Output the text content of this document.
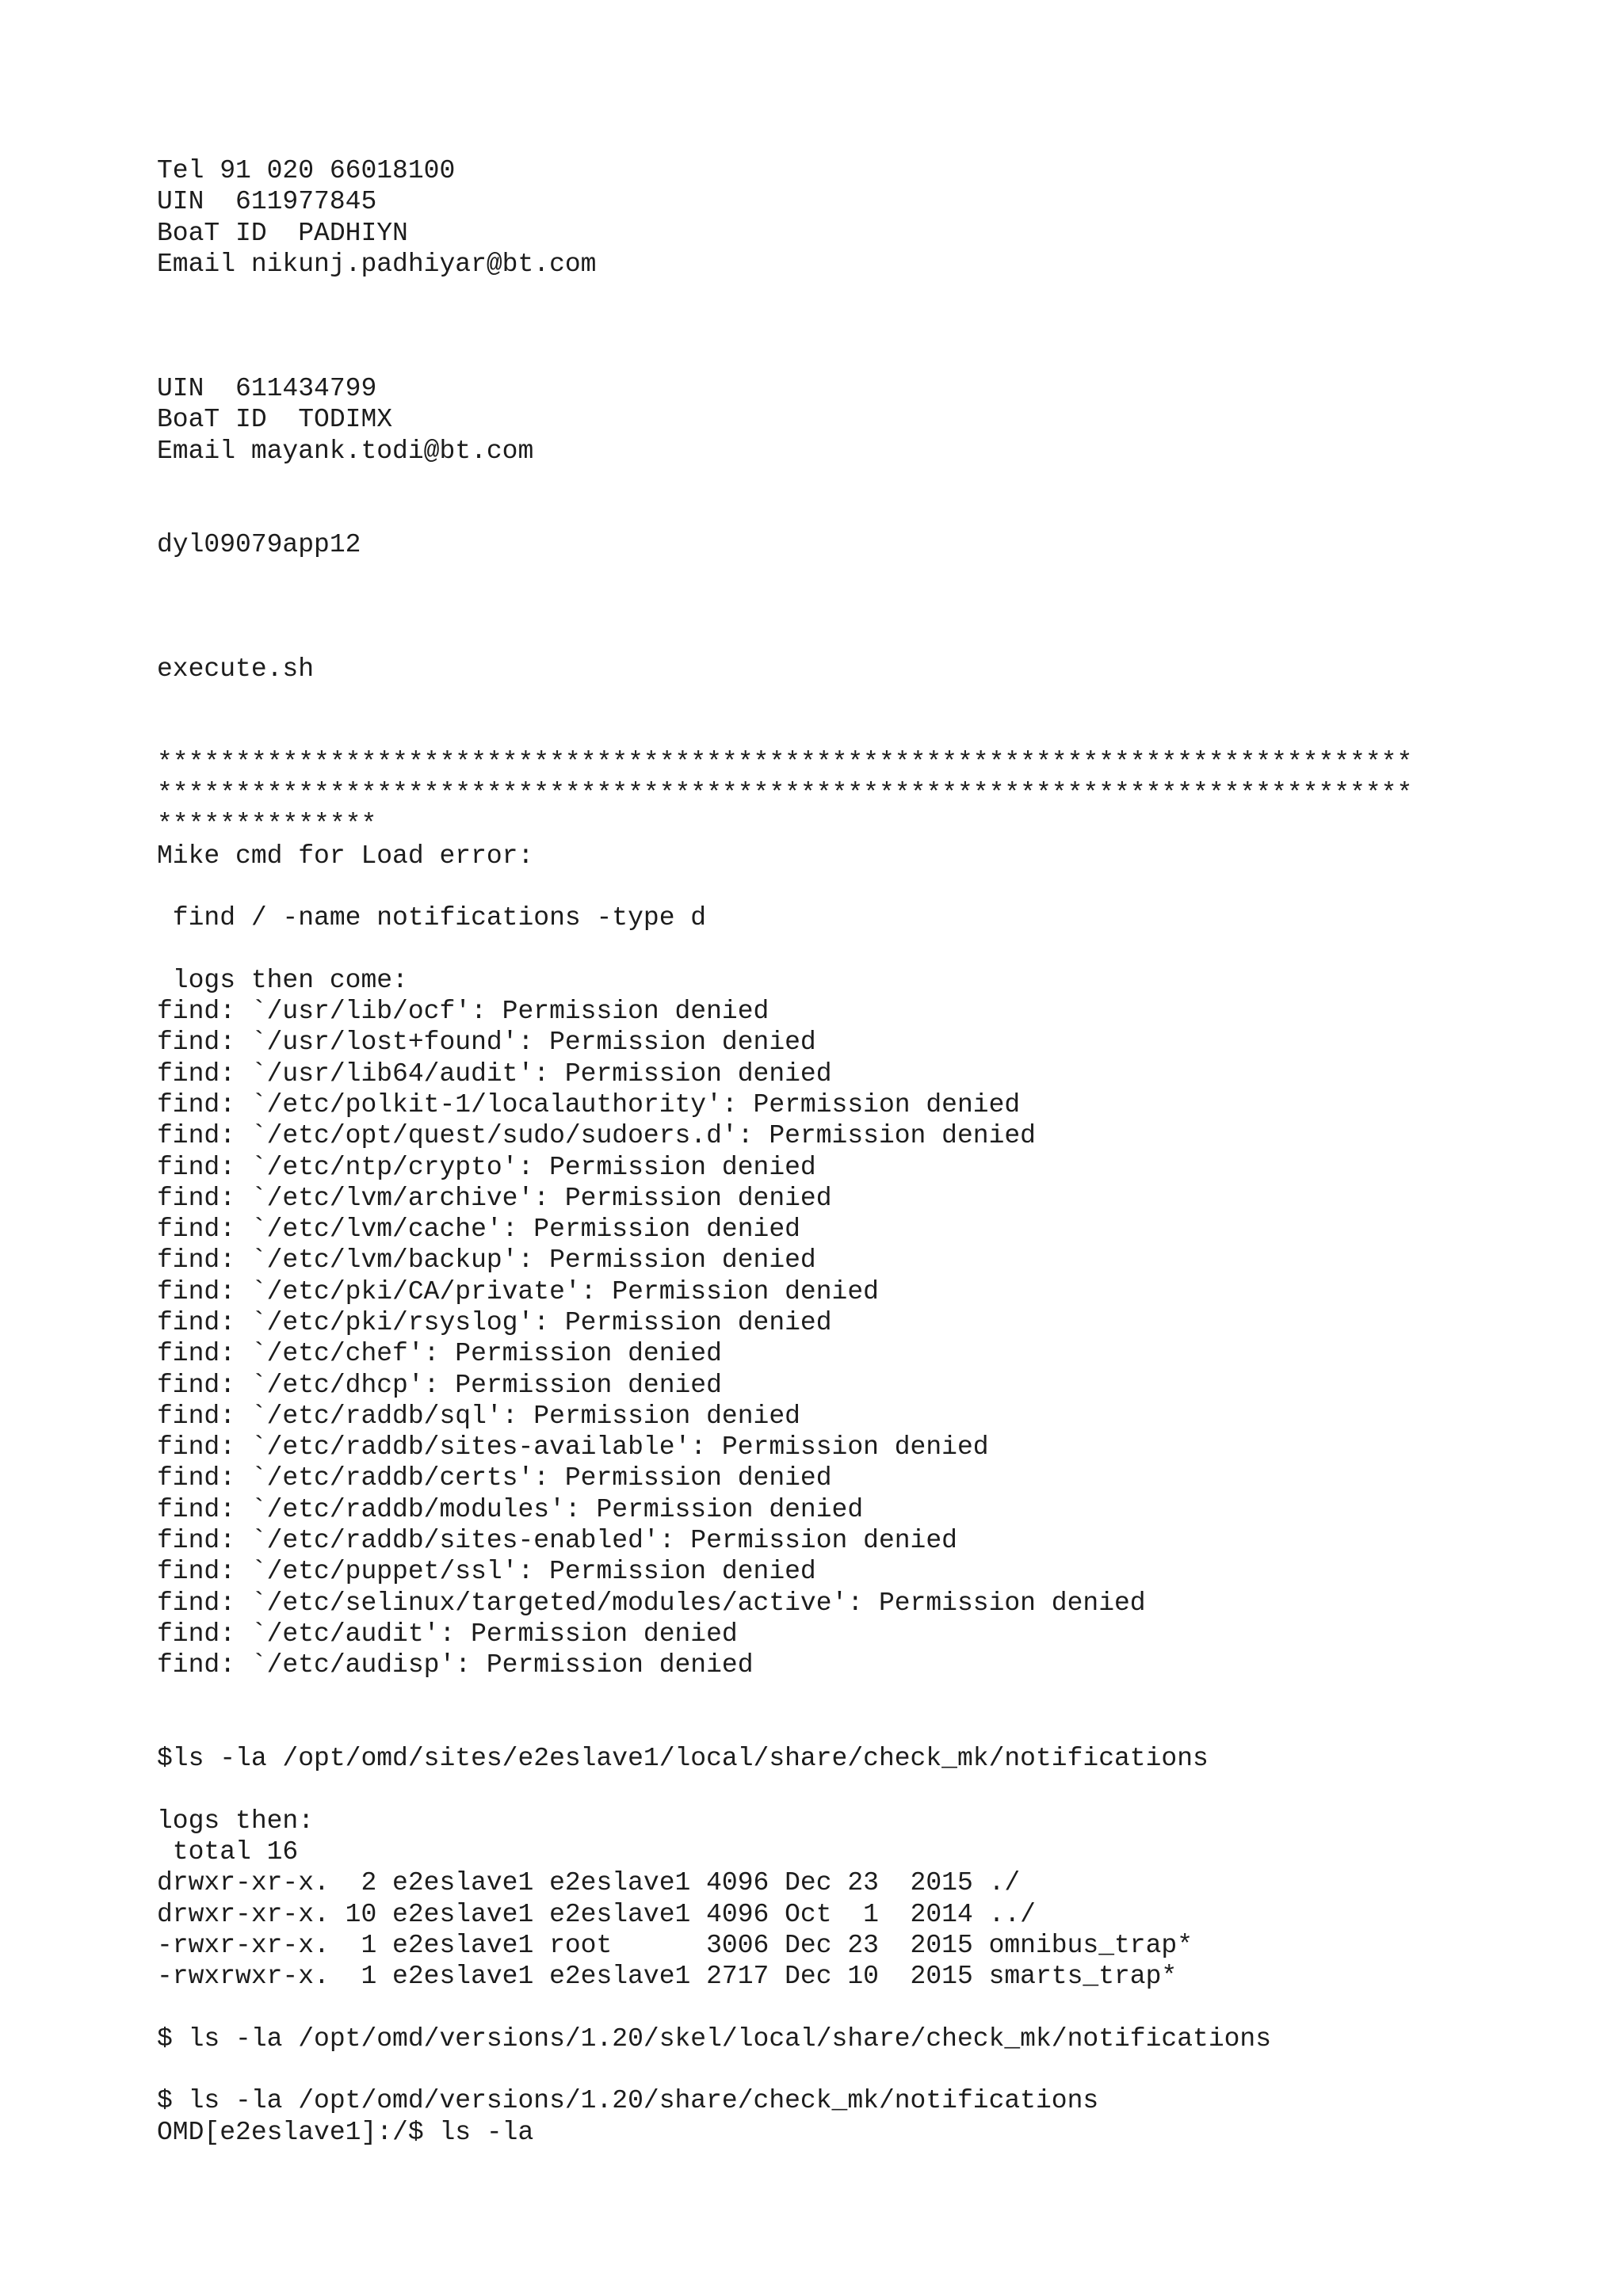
Tel 91 020 66018100
UIN  611977845
BoaT ID  PADHIYN
Email nikunj.padhiyar@bt.com
UIN  611434799
BoaT ID  TODIMX
Email mayank.todi@bt.com
dyl09079app12
execute.sh
********************************************************************************
********************************************************************************
**************
Mike cmd for Load error:
find / -name notifications -type d
logs then come:
find: `/usr/lib/ocf': Permission denied
find: `/usr/lost+found': Permission denied
find: `/usr/lib64/audit': Permission denied
find: `/etc/polkit-1/localauthority': Permission denied
find: `/etc/opt/quest/sudo/sudoers.d': Permission denied
find: `/etc/ntp/crypto': Permission denied
find: `/etc/lvm/archive': Permission denied
find: `/etc/lvm/cache': Permission denied
find: `/etc/lvm/backup': Permission denied
find: `/etc/pki/CA/private': Permission denied
find: `/etc/pki/rsyslog': Permission denied
find: `/etc/chef': Permission denied
find: `/etc/dhcp': Permission denied
find: `/etc/raddb/sql': Permission denied
find: `/etc/raddb/sites-available': Permission denied
find: `/etc/raddb/certs': Permission denied
find: `/etc/raddb/modules': Permission denied
find: `/etc/raddb/sites-enabled': Permission denied
find: `/etc/puppet/ssl': Permission denied
find: `/etc/selinux/targeted/modules/active': Permission denied
find: `/etc/audit': Permission denied
find: `/etc/audisp': Permission denied
$ls -la /opt/omd/sites/e2eslave1/local/share/check_mk/notifications
logs then:
total 16
drwxr-xr-x.  2 e2eslave1 e2eslave1 4096 Dec 23  2015 ./
drwxr-xr-x. 10 e2eslave1 e2eslave1 4096 Oct  1  2014 ../
-rwxr-xr-x.  1 e2eslave1 root      3006 Dec 23  2015 omnibus_trap*
-rwxrwxr-x.  1 e2eslave1 e2eslave1 2717 Dec 10  2015 smarts_trap*
$ ls -la /opt/omd/versions/1.20/skel/local/share/check_mk/notifications
$ ls -la /opt/omd/versions/1.20/share/check_mk/notifications
OMD[e2eslave1]:/$ ls -la
